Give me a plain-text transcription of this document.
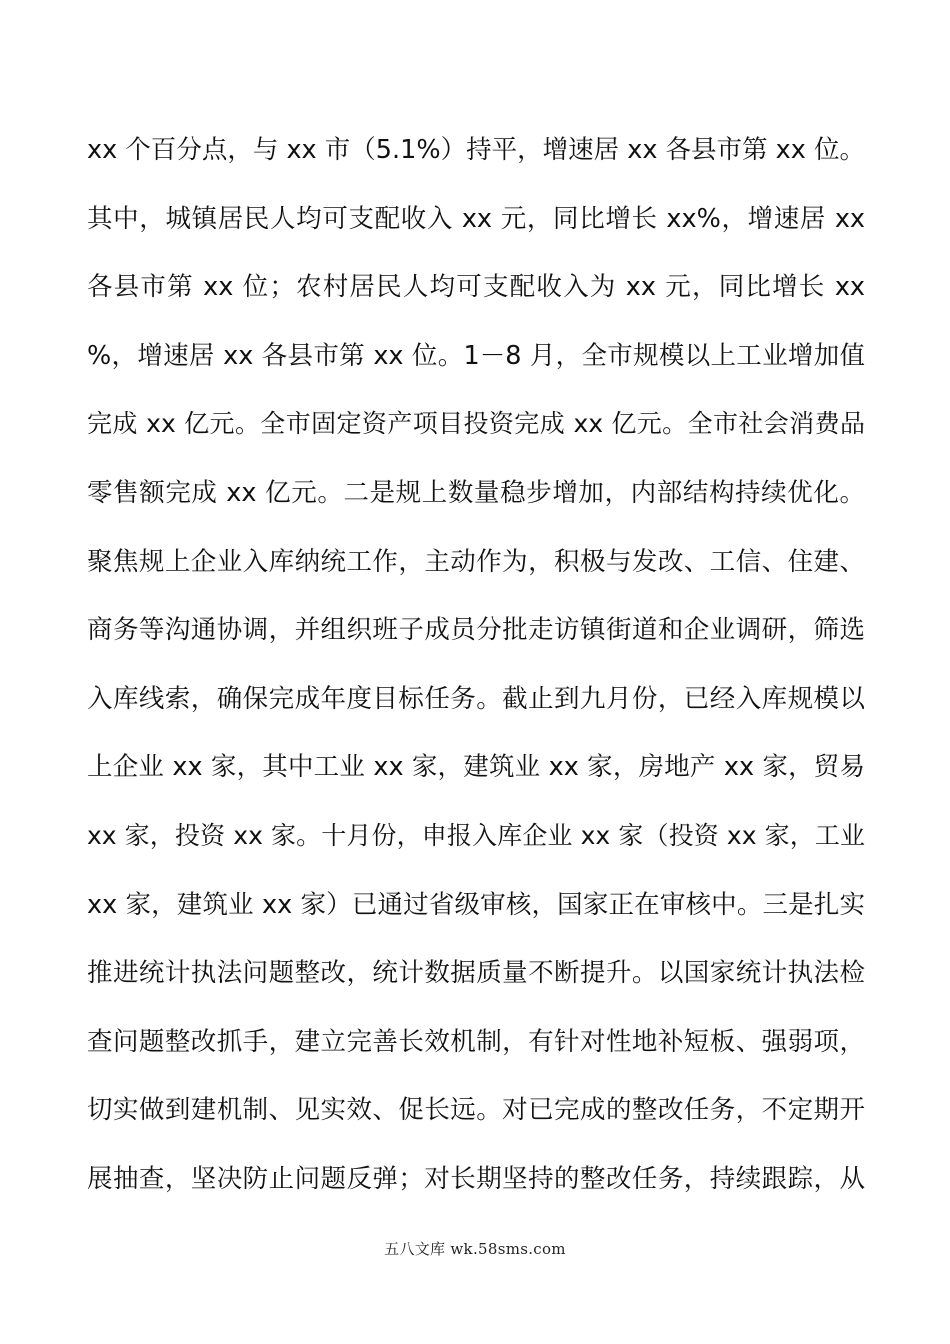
xx 个百分点，与 xx 市（5.1%）持平，增速居 xx 各县市第 xx 位。
其中，城镇居民人均可支配收入 xx 元，同比增长 xx%，增速居 xx
各县市第 xx 位；农村居民人均可支配收入为 xx 元，同比增长 xx
%，增速居 xx 各县市第 xx 位。1－8 月，全市规模以上工业增加值
完成 xx 亿元。全市固定资产项目投资完成 xx 亿元。全市社会消费品
零售额完成 xx 亿元。二是规上数量稳步增加，内部结构持续优化。
聚焦规上企业入库纳统工作，主动作为，积极与发改、工信、住建、
商务等沟通协调，并组织班子成员分批走访镇街道和企业调研，筛选
入库线索，确保完成年度目标任务。截止到九月份，已经入库规模以
上企业 xx 家，其中工业 xx 家，建筑业 xx 家，房地产 xx 家，贸易
xx 家，投资 xx 家。十月份，申报入库企业 xx 家（投资 xx 家，工业
xx 家，建筑业 xx 家）已通过省级审核，国家正在审核中。三是扎实
推进统计执法问题整改，统计数据质量不断提升。以国家统计执法检
查问题整改抓手，建立完善长效机制，有针对性地补短板、强弱项，
切实做到建机制、见实效、促长远。对已完成的整改任务，不定期开
展抽查，坚决防止问题反弹；对长期坚持的整改任务，持续跟踪，从
五八文库 wk.58sms.com
